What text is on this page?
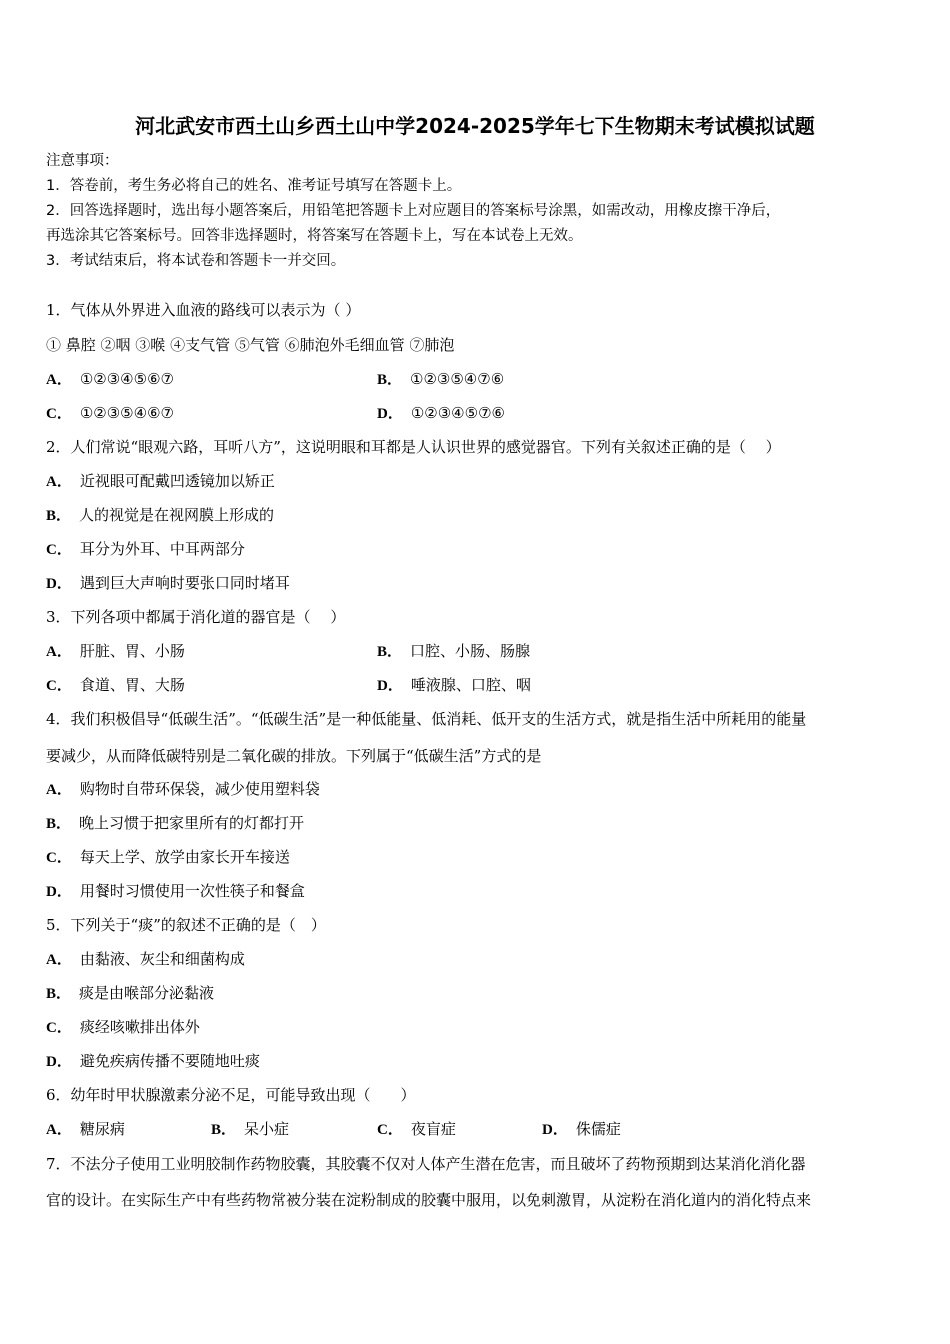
河北武安市西土山乡西土山中学2024-2025学年七下生物期末考试模拟试题
注意事项：
1．答卷前，考生务必将自己的姓名、准考证号填写在答题卡上。
2．回答选择题时，选出每小题答案后，用铅笔把答题卡上对应题目的答案标号涂黑，如需改动，用橡皮擦干净后，
再选涂其它答案标号。回答非选择题时，将答案写在答题卡上，写在本试卷上无效。
3．考试结束后，将本试卷和答题卡一并交回。
1．气体从外界进入血液的路线可以表示为（ ）
① 鼻腔 ②咽 ③喉 ④支气管 ⑤气管 ⑥肺泡外毛细血管 ⑦肺泡
A． ①②③④⑤⑥⑦	B． ①②③⑤④⑦⑥
C． ①②③⑤④⑥⑦	D． ①②③④⑤⑦⑥
2．人们常说“眼观六路，耳听八方”，这说明眼和耳都是人认识世界的感觉器官。下列有关叙述正确的是（　 ）
A． 近视眼可配戴凹透镜加以矫正
B． 人的视觉是在视网膜上形成的
C． 耳分为外耳、中耳两部分
D． 遇到巨大声响时要张口同时堵耳
3．下列各项中都属于消化道的器官是（　 ）
A． 肝脏、胃、小肠	B． 口腔、小肠、肠腺
C． 食道、胃、大肠	D． 唾液腺、口腔、咽
4．我们积极倡导“低碳生活”。“低碳生活”是一种低能量、低消耗、低开支的生活方式，就是指生活中所耗用的能量
要减少，从而降低碳特别是二氧化碳的排放。下列属于“低碳生活”方式的是
A． 购物时自带环保袋，减少使用塑料袋
B． 晚上习惯于把家里所有的灯都打开
C． 每天上学、放学由家长开车接送
D． 用餐时习惯使用一次性筷子和餐盒
5．下列关于“痰”的叙述不正确的是（　）
A． 由黏液、灰尘和细菌构成
B． 痰是由喉部分泌黏液
C． 痰经咳嗽排出体外
D． 避免疾病传播不要随地吐痰
6．幼年时甲状腺激素分泌不足，可能导致出现（　　）
A． 糖尿病	B． 呆小症	C． 夜盲症	D． 侏儒症
7．不法分子使用工业明胶制作药物胶囊，其胶囊不仅对人体产生潜在危害，而且破坏了药物预期到达某消化消化器
官的设计。在实际生产中有些药物常被分装在淀粉制成的胶囊中服用，以免刺激胃，从淀粉在消化道内的消化特点来
